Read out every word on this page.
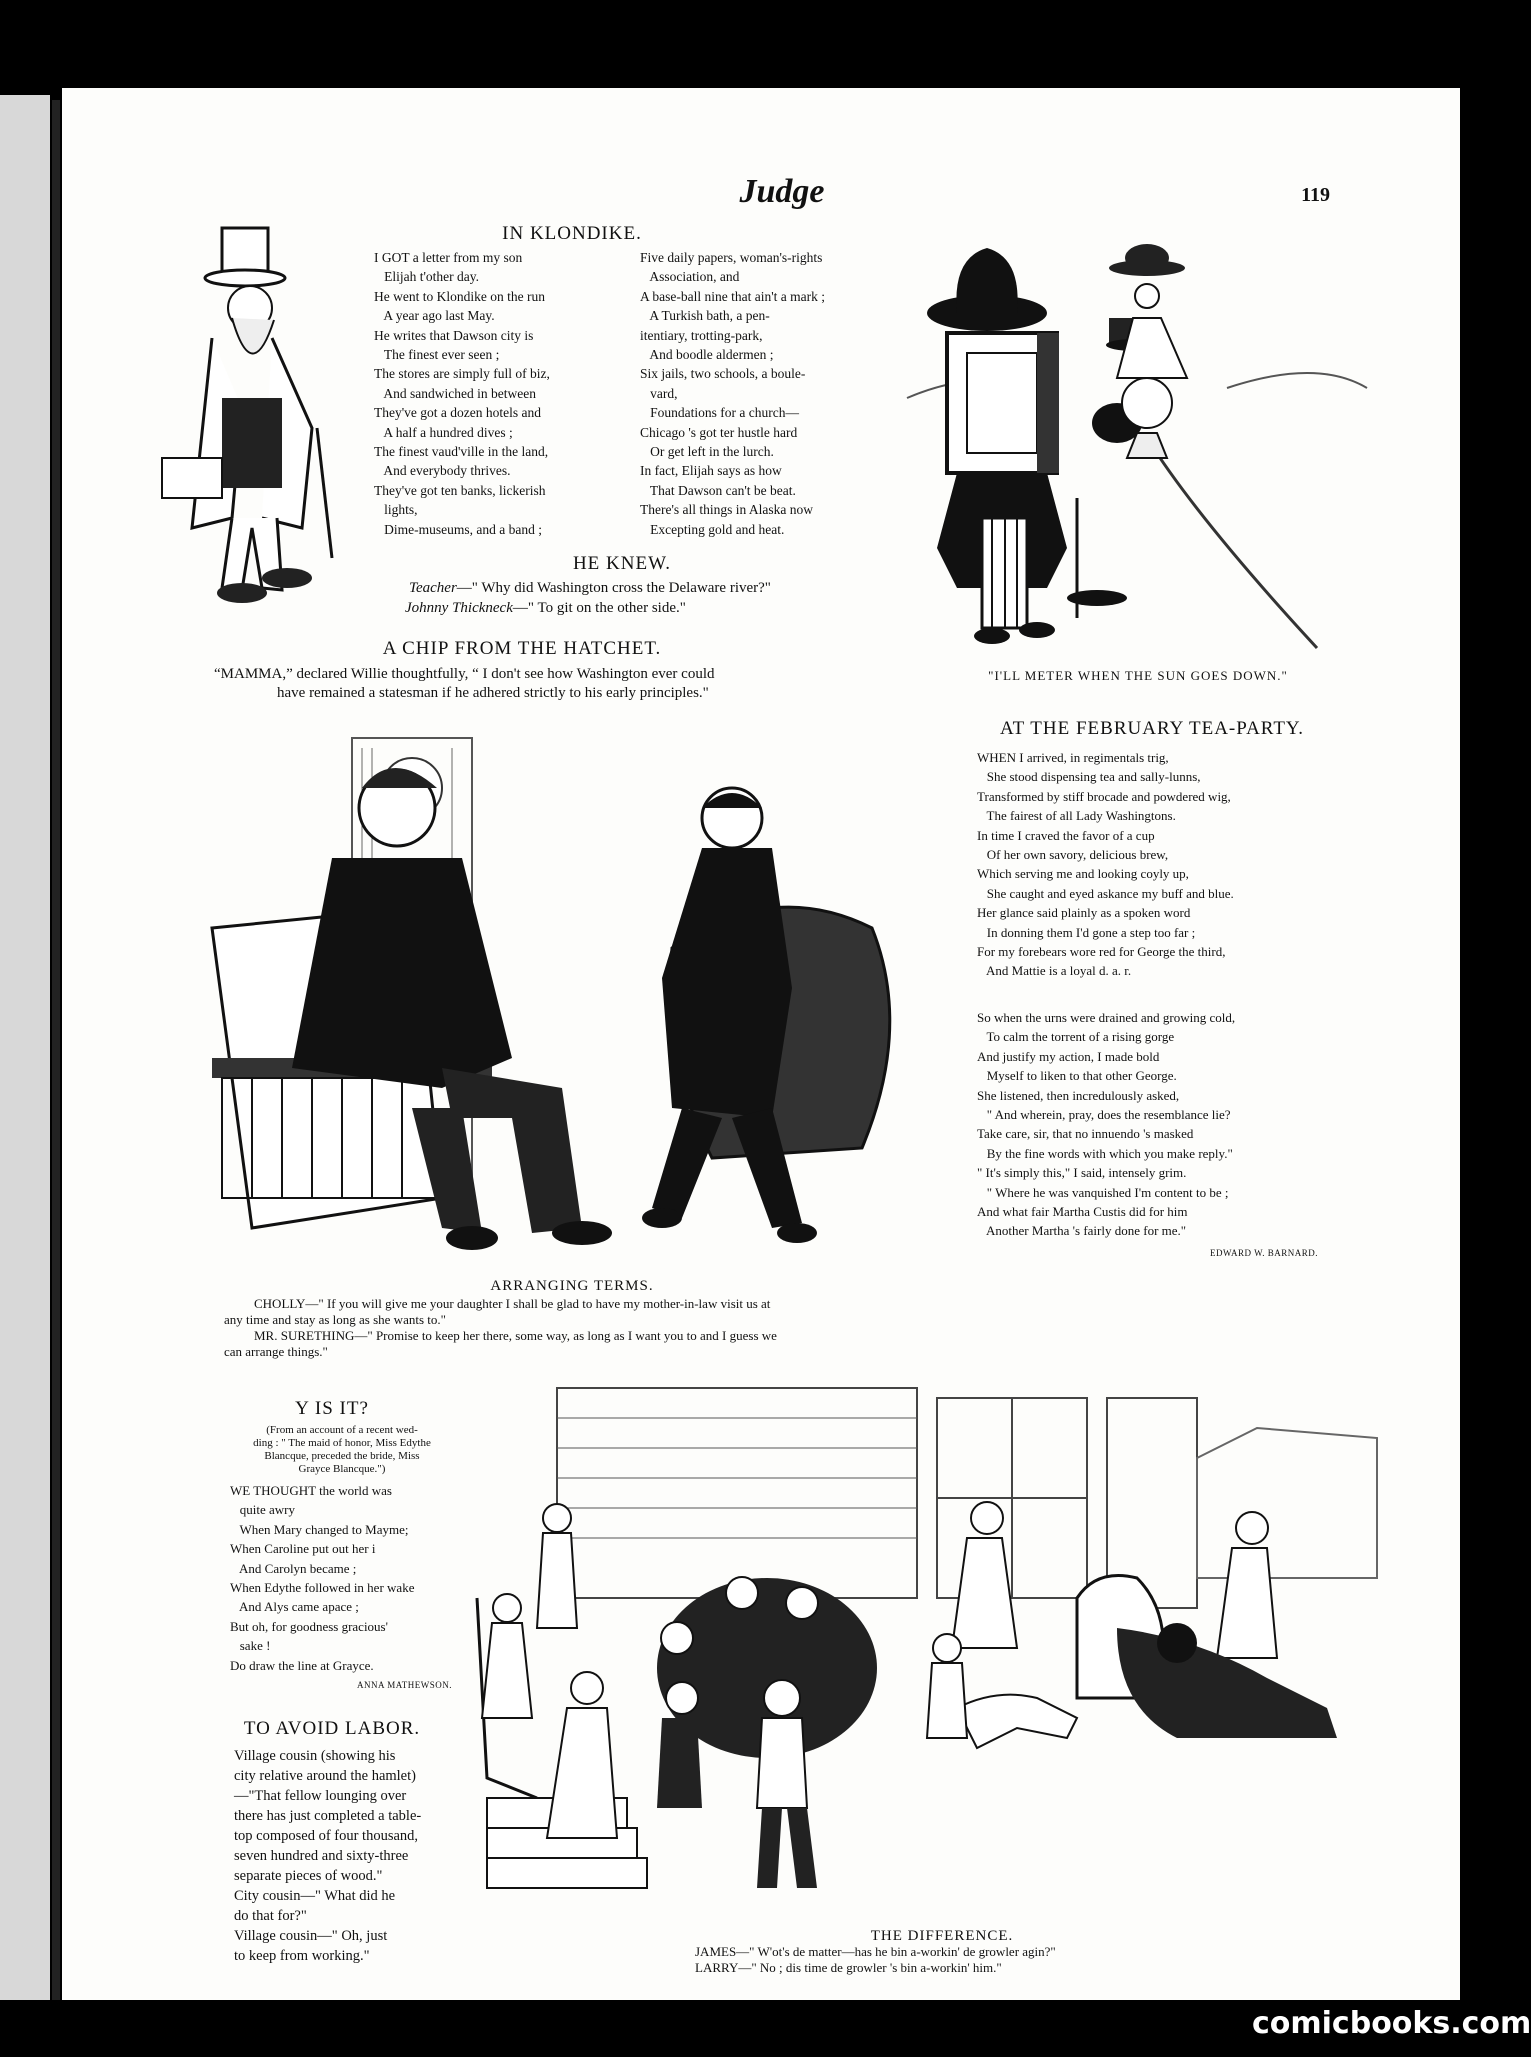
Judge	119
IN KLONDIKE.
I GOT a letter from my son
Elijah t'other day.
He went to Klondike on the run
A year ago last May.
He writes that Dawson city is
The finest ever seen ;
The stores are simply full of biz,
And sandwiched in between
They've got a dozen hotels and
A half a hundred dives ;
The finest vaud'ville in the land,
And everybody thrives.
They've got ten banks, lickerish
lights,
Dime-museums, and a band ;
Five daily papers, woman's-rights
Association, and
A base-ball nine that ain't a mark ;
A Turkish bath, a pen-
itentiary, trotting-park,
And boodle aldermen ;
Six jails, two schools, a boule-
vard,
Foundations for a church—
Chicago 's got ter hustle hard
Or get left in the lurch.
In fact, Elijah says as how
That Dawson can't be beat.
There's all things in Alaska now
Excepting gold and heat.
HE KNEW.
Teacher—" Why did Washington cross the Delaware river?"
Johnny Thickneck—" To git on the other side."
A CHIP FROM THE HATCHET.
“MAMMA,” declared Willie thoughtfully, “ I don't see how Washington ever could
have remained a statesman if he adhered strictly to his early principles."
"I'LL METER WHEN THE SUN GOES DOWN."
AT THE FEBRUARY TEA-PARTY.
WHEN I arrived, in regimentals trig,
She stood dispensing tea and sally-lunns,
Transformed by stiff brocade and powdered wig,
The fairest of all Lady Washingtons.
In time I craved the favor of a cup
Of her own savory, delicious brew,
Which serving me and looking coyly up,
She caught and eyed askance my buff and blue.
Her glance said plainly as a spoken word
In donning them I'd gone a step too far ;
For my forebears wore red for George the third,
And Mattie is a loyal d. a. r.
So when the urns were drained and growing cold,
To calm the torrent of a rising gorge
And justify my action, I made bold
Myself to liken to that other George.
She listened, then incredulously asked,
" And wherein, pray, does the resemblance lie?
Take care, sir, that no innuendo 's masked
By the fine words with which you make reply."
" It's simply this," I said, intensely grim.
" Where he was vanquished I'm content to be ;
And what fair Martha Custis did for him
Another Martha 's fairly done for me."
EDWARD W. BARNARD.
ARRANGING TERMS.
CHOLLY—" If you will give me your daughter I shall be glad to have my mother-in-law visit us at
any time and stay as long as she wants to."
MR. SURETHING—" Promise to keep her there, some way, as long as I want you to and I guess we
can arrange things."
Y IS IT?
(From an account of a recent wed-
ding : " The maid of honor, Miss Edythe
Blancque, preceded the bride, Miss
Grayce Blancque.")
WE THOUGHT the world was
quite awry
When Mary changed to Mayme;
When Caroline put out her i
And Carolyn became ;
When Edythe followed in her wake
And Alys came apace ;
But oh, for goodness gracious'
sake !
Do draw the line at Grayce.
ANNA MATHEWSON.
TO AVOID LABOR.
Village cousin (showing his
city relative around the hamlet)
—"That fellow lounging over
there has just completed a table-
top composed of four thousand,
seven hundred and sixty-three
separate pieces of wood."
City cousin—" What did he
do that for?"
Village cousin—" Oh, just
to keep from working."
THE DIFFERENCE.
JAMES—" W'ot's de matter—has he bin a-workin' de growler agin?"
LARRY—" No ; dis time de growler 's bin a-workin' him."
comicbooks.com
